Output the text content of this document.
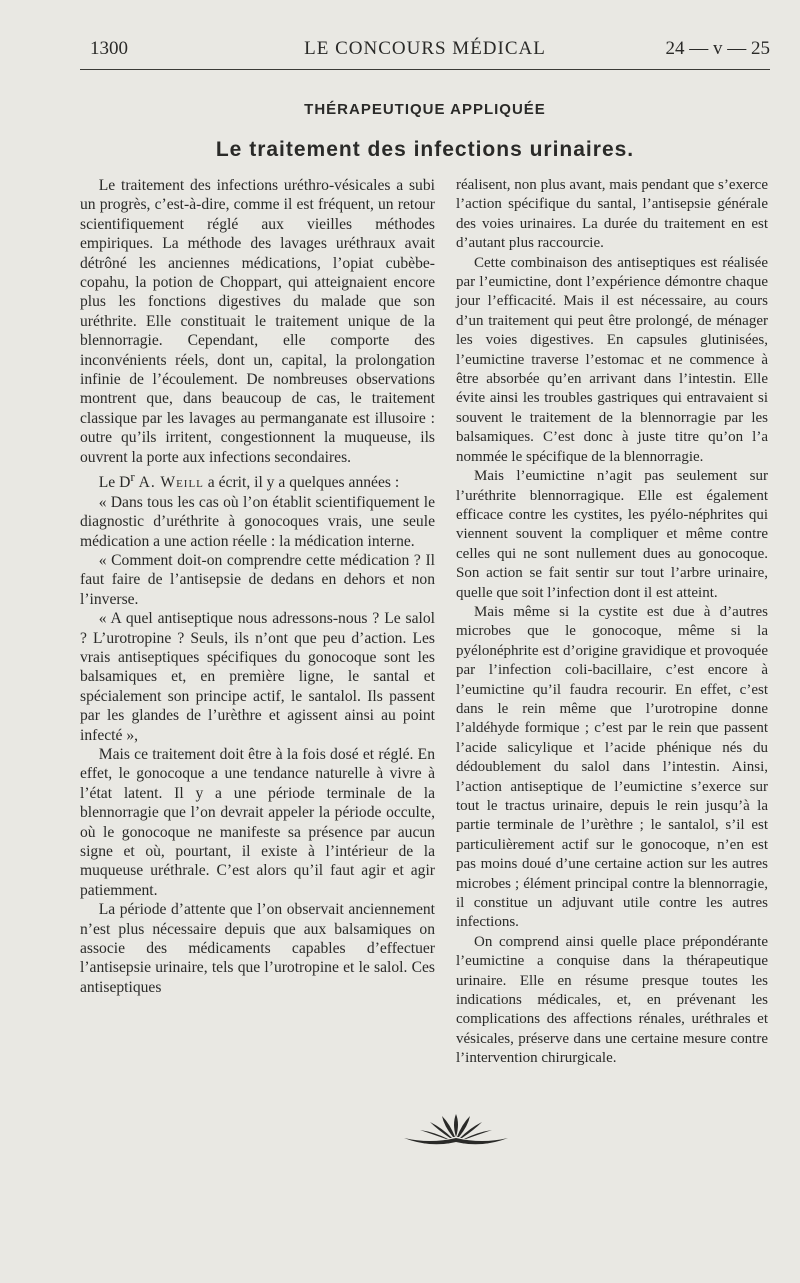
1300	LE CONCOURS MÉDICAL	24 — v — 25
THÉRAPEUTIQUE APPLIQUÉE
Le traitement des infections urinaires.

Le traitement des infections uréthro-vésicales a subi un progrès, c’est-à-dire, comme il est fréquent, un retour scientifiquement réglé aux vieilles méthodes empiriques. La méthode des lavages uréthraux avait détrôné les anciennes médications, l’opiat cubèbe-copahu, la potion de Choppart, qui atteignaient encore plus les fonctions digestives du malade que son uréthrite. Elle constituait le traitement unique de la blennorragie. Cependant, elle comporte des inconvénients réels, dont un, capital, la prolongation infinie de l’écoulement. De nombreuses observations montrent que, dans beaucoup de cas, le traitement classique par les lavages au permanganate est illusoire : outre qu’ils irritent, congestionnent la muqueuse, ils ouvrent la porte aux infections secondaires.

Le $D^r$ A. Weill a écrit, il y a quelques années :

« Dans tous les cas où l’on établit scientifiquement le diagnostic d’uréthrite à gonocoques vrais, une seule médication a une action réelle : la médication interne.

« Comment doit-on comprendre cette médication ? Il faut faire de l’antisepsie de dedans en dehors et non l’inverse.

« A quel antiseptique nous adressons-nous ? Le salol ? L’urotropine ? Seuls, ils n’ont que peu d’action. Les vrais antiseptiques spécifiques du gonocoque sont les balsamiques et, en première ligne, le santal et spécialement son principe actif, le santalol. Ils passent par les glandes de l’urèthre et agissent ainsi au point infecté »,

Mais ce traitement doit être à la fois dosé et réglé. En effet, le gonocoque a une tendance naturelle à vivre à l’état latent. Il y a une période terminale de la blennorragie que l’on devrait appeler la période occulte, où le gonocoque ne manifeste sa présence par aucun signe et où, pourtant, il existe à l’intérieur de la muqueuse uréthrale. C’est alors qu’il faut agir et agir patiemment.

La période d’attente que l’on observait anciennement n’est plus nécessaire depuis que aux balsamiques on associe des médicaments capables d’effectuer l’antisepsie urinaire, tels que l’urotropine et le salol. Ces antiseptiques

réalisent, non plus avant, mais pendant que s’exerce l’action spécifique du santal, l’antisepsie générale des voies urinaires. La durée du traitement en est d’autant plus raccourcie.

Cette combinaison des antiseptiques est réalisée par l’eumictine, dont l’expérience démontre chaque jour l’efficacité. Mais il est nécessaire, au cours d’un traitement qui peut être prolongé, de ménager les voies digestives. En capsules glutinisées, l’eumictine traverse l’estomac et ne commence à être absorbée qu’en arrivant dans l’intestin. Elle évite ainsi les troubles gastriques qui entravaient si souvent le traitement de la blennorragie par les balsamiques. C’est donc à juste titre qu’on l’a nommée le spécifique de la blennorragie.

Mais l’eumictine n’agit pas seulement sur l’uréthrite blennorragique. Elle est également efficace contre les cystites, les pyélo-néphrites qui viennent souvent la compliquer et même contre celles qui ne sont nullement dues au gonocoque. Son action se fait sentir sur tout l’arbre urinaire, quelle que soit l’infection dont il est atteint.

Mais même si la cystite est due à d’autres microbes que le gonocoque, même si la pyélonéphrite est d’origine gravidique et provoquée par l’infection coli-bacillaire, c’est encore à l’eumictine qu’il faudra recourir. En effet, c’est dans le rein même que l’urotropine donne l’aldéhyde formique ; c’est par le rein que passent l’acide salicylique et l’acide phénique nés du dédoublement du salol dans l’intestin. Ainsi, l’action antiseptique de l’eumictine s’exerce sur tout le tractus urinaire, depuis le rein jusqu’à la partie terminale de l’urèthre ; le santalol, s’il est particulièrement actif sur le gonocoque, n’en est pas moins doué d’une certaine action sur les autres microbes ; élément principal contre la blennorragie, il constitue un adjuvant utile contre les autres infections.

On comprend ainsi quelle place prépondérante l’eumictine a conquise dans la thérapeutique urinaire. Elle en résume presque toutes les indications médicales, et, en prévenant les complications des affections rénales, uréthrales et vésicales, préserve dans une certaine mesure contre l’intervention chirurgicale.
